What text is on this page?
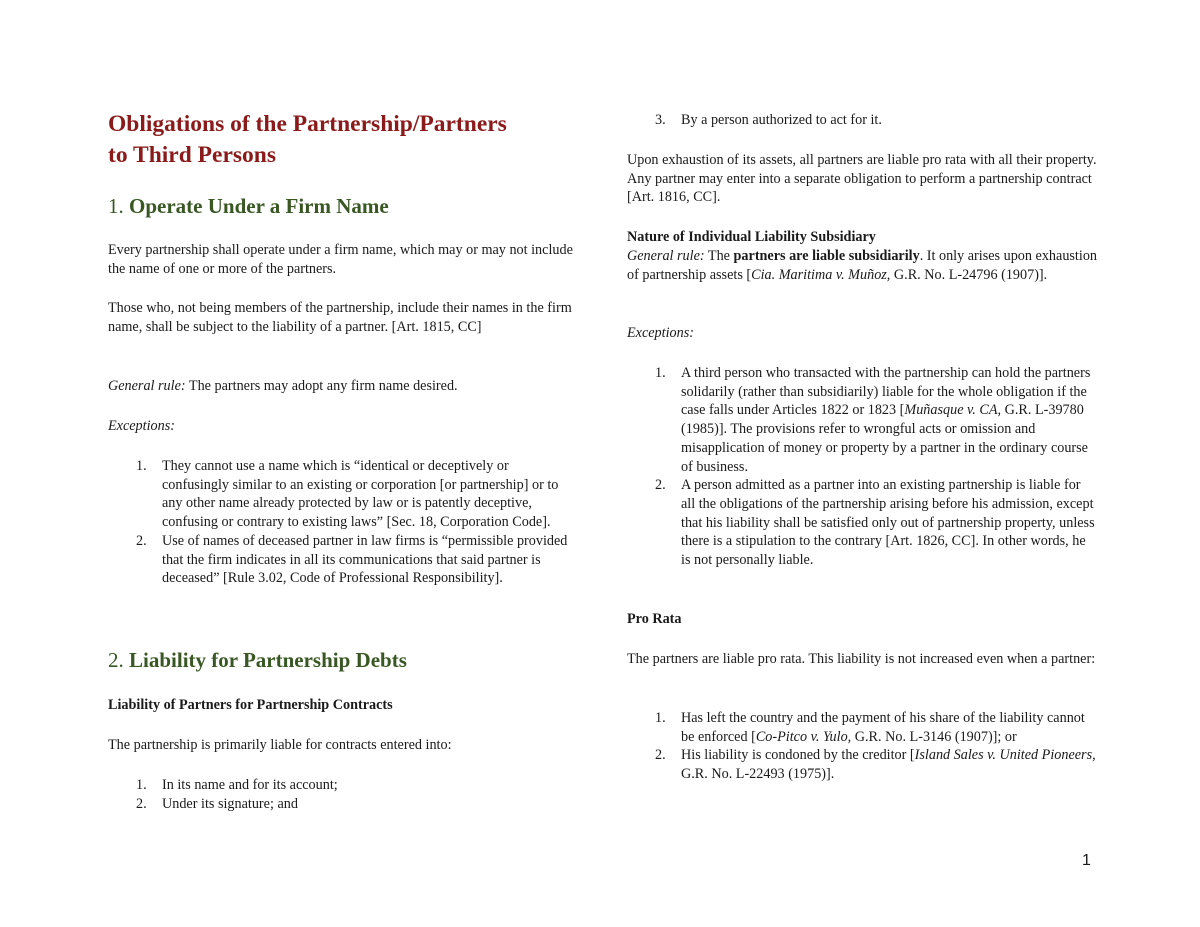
Obligations of the Partnership/Partners

to Third Persons

1. Operate Under a Firm Name

Every partnership shall operate under a firm name, which may or may not include the name of one or more of the partners.

Those who, not being members of the partnership, include their names in the firm name, shall be subject to the liability of a partner. [Art. 1815, CC]

General rule: The partners may adopt any firm name desired.

Exceptions:

1. They cannot use a name which is “identical or deceptively or confusingly similar to an existing or corporation [or partnership] or to any other name already protected by law or is patently deceptive, confusing or contrary to existing laws” [Sec. 18, Corporation Code].
2. Use of names of deceased partner in law firms is “permissible provided that the firm indicates in all its communications that said partner is deceased” [Rule 3.02, Code of Professional Responsibility].
2. Liability for Partnership Debts

Liability of Partners for Partnership Contracts

The partnership is primarily liable for contracts entered into:

1. In its name and for its account;
2. Under its signature; and
3. By a person authorized to act for it.

Upon exhaustion of its assets, all partners are liable pro rata with all their property. Any partner may enter into a separate obligation to perform a partnership contract [Art. 1816, CC].

Nature of Individual Liability Subsidiary

General rule: The partners are liable subsidiarily. It only arises upon exhaustion of partnership assets [Cia. Maritima v. Muñoz, G.R. No. L-24796 (1907)].

Exceptions:

1. A third person who transacted with the partnership can hold the partners solidarily (rather than subsidiarily) liable for the whole obligation if the case falls under Articles 1822 or 1823 [Muñasque v. CA, G.R. L-39780 (1985)]. The provisions refer to wrongful acts or omission and misapplication of money or property by a partner in the ordinary course of business.
2. A person admitted as a partner into an existing partnership is liable for all the obligations of the partnership arising before his admission, except that his liability shall be satisfied only out of partnership property, unless there is a stipulation to the contrary [Art. 1826, CC]. In other words, he is not personally liable.

Pro Rata

The partners are liable pro rata. This liability is not increased even when a partner:

1. Has left the country and the payment of his share of the liability cannot be enforced [Co-Pitco v. Yulo, G.R. No. L-3146 (1907)]; or
2. His liability is condoned by the creditor [Island Sales v. United Pioneers, G.R. No. L-22493 (1975)].
1
